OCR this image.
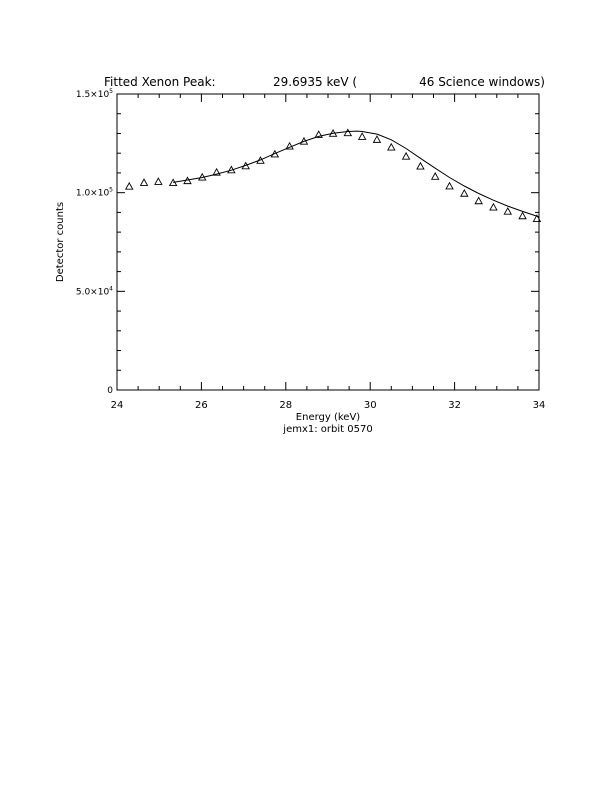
Fitted Xenon Peak:	29.6935 keV (	46 Science windows)
24	26	28	30	32	34
0
$5.0\times 10^4$
$1.0\times 10^5$
$1.5\times 10^5$
Energy (keV)
jemx1: orbit 0570
Detector counts
